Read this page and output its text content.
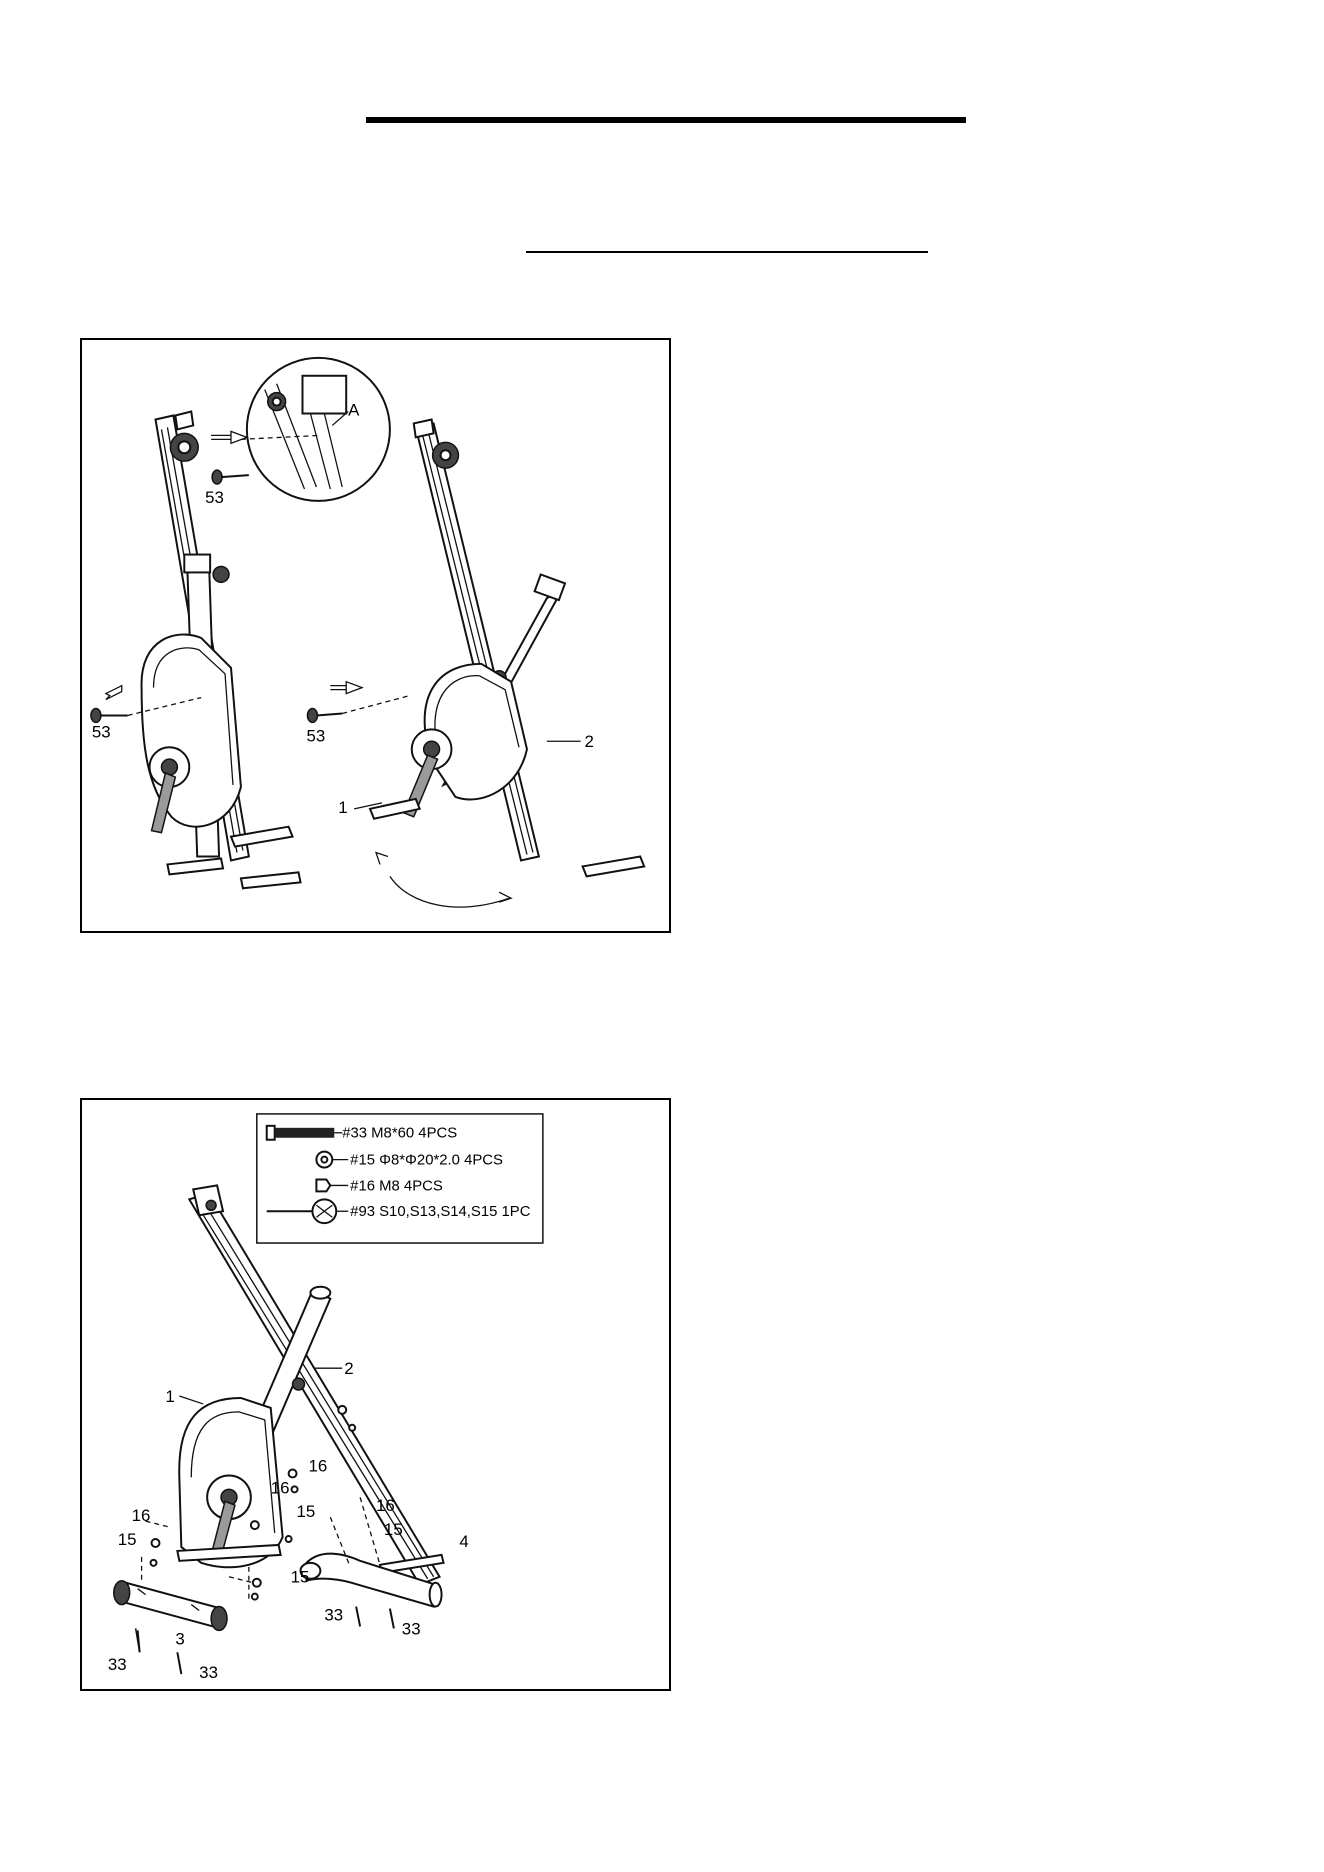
53
53
A
53
1
2
#33 M8*60 4PCS
#15 Φ8*Φ20*2.0 4PCS
#16 M8 4PCS
#93 S10,S13,S14,S15 1PC
1
2
3
4
16
15
16
15	16
15
16
15
33	33
33
33
